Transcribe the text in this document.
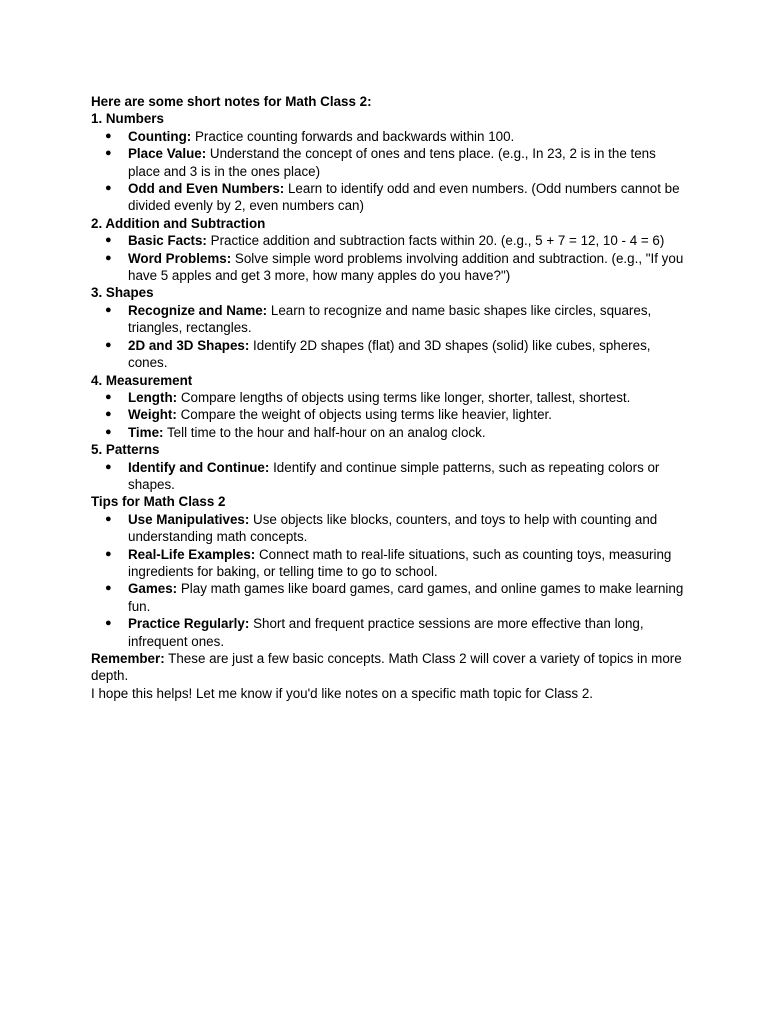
Here are some short notes for Math Class 2:

1. Numbers

● Counting: Practice counting forwards and backwards within 100.
● Place Value: Understand the concept of ones and tens place. (e.g., In 23, 2 is in the tens place and 3 is in the ones place)
● Odd and Even Numbers: Learn to identify odd and even numbers. (Odd numbers cannot be divided evenly by 2, even numbers can)

2. Addition and Subtraction

● Basic Facts: Practice addition and subtraction facts within 20. (e.g., 5 + 7 = 12, 10 - 4 = 6)
● Word Problems: Solve simple word problems involving addition and subtraction. (e.g., "If you have 5 apples and get 3 more, how many apples do you have?")

3. Shapes

● Recognize and Name: Learn to recognize and name basic shapes like circles, squares, triangles, rectangles.
● 2D and 3D Shapes: Identify 2D shapes (flat) and 3D shapes (solid) like cubes, spheres, cones.

4. Measurement

● Length: Compare lengths of objects using terms like longer, shorter, tallest, shortest.
● Weight: Compare the weight of objects using terms like heavier, lighter.
● Time: Tell time to the hour and half-hour on an analog clock.

5. Patterns

● Identify and Continue: Identify and continue simple patterns, such as repeating colors or shapes.

Tips for Math Class 2

● Use Manipulatives: Use objects like blocks, counters, and toys to help with counting and understanding math concepts.
● Real-Life Examples: Connect math to real-life situations, such as counting toys, measuring ingredients for baking, or telling time to go to school.
● Games: Play math games like board games, card games, and online games to make learning fun.
● Practice Regularly: Short and frequent practice sessions are more effective than long, infrequent ones.

Remember: These are just a few basic concepts. Math Class 2 will cover a variety of topics in more depth.

I hope this helps! Let me know if you'd like notes on a specific math topic for Class 2.
